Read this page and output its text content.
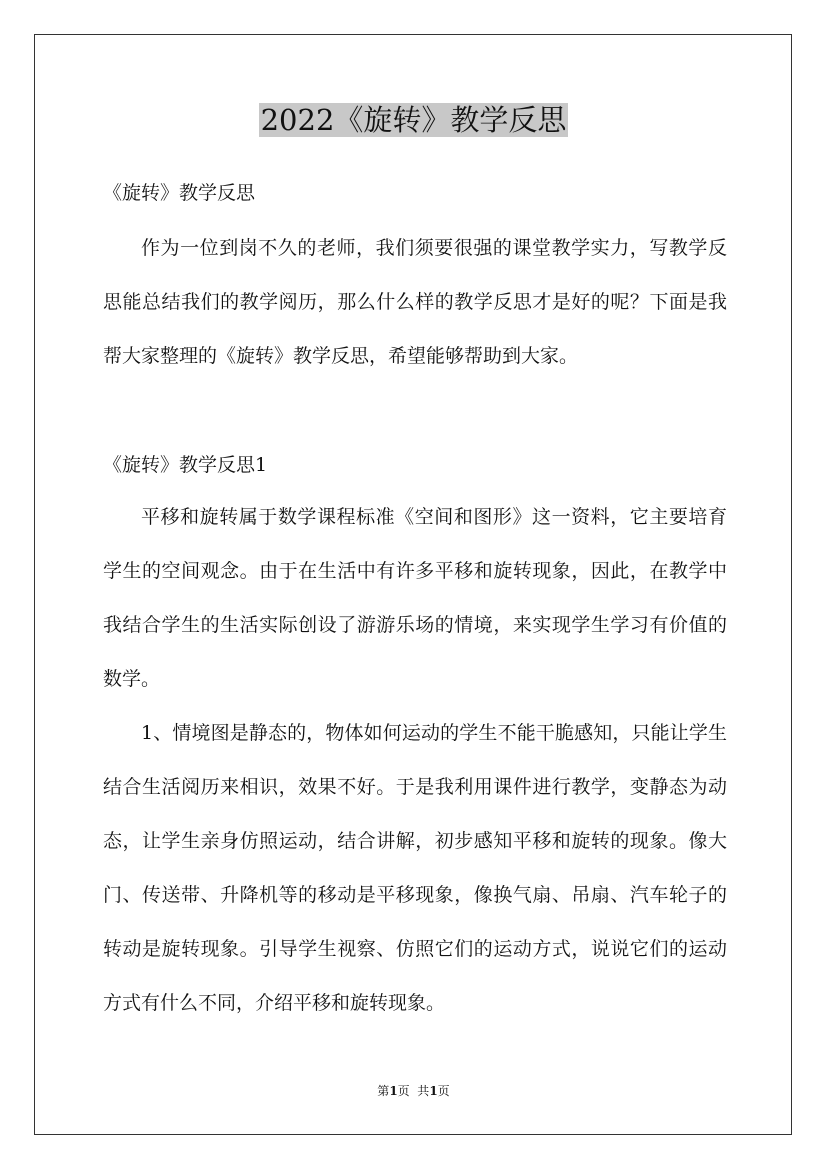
2022《旋转》教学反思

《旋转》教学反思

作为一位到岗不久的老师，我们须要很强的课堂教学实力，写教学反思能总结我们的教学阅历，那么什么样的教学反思才是好的呢？下面是我帮大家整理的《旋转》教学反思，希望能够帮助到大家。

《旋转》教学反思1

平移和旋转属于数学课程标准《空间和图形》这一资料，它主要培育学生的空间观念。由于在生活中有许多平移和旋转现象，因此，在教学中我结合学生的生活实际创设了游游乐场的情境，来实现学生学习有价值的数学。

1、情境图是静态的，物体如何运动的学生不能干脆感知，只能让学生结合生活阅历来相识，效果不好。于是我利用课件进行教学，变静态为动态，让学生亲身仿照运动，结合讲解，初步感知平移和旋转的现象。像大门、传送带、升降机等的移动是平移现象，像换气扇、吊扇、汽车轮子的转动是旋转现象。引导学生视察、仿照它们的运动方式，说说它们的运动方式有什么不同，介绍平移和旋转现象。

第1页  共1页
